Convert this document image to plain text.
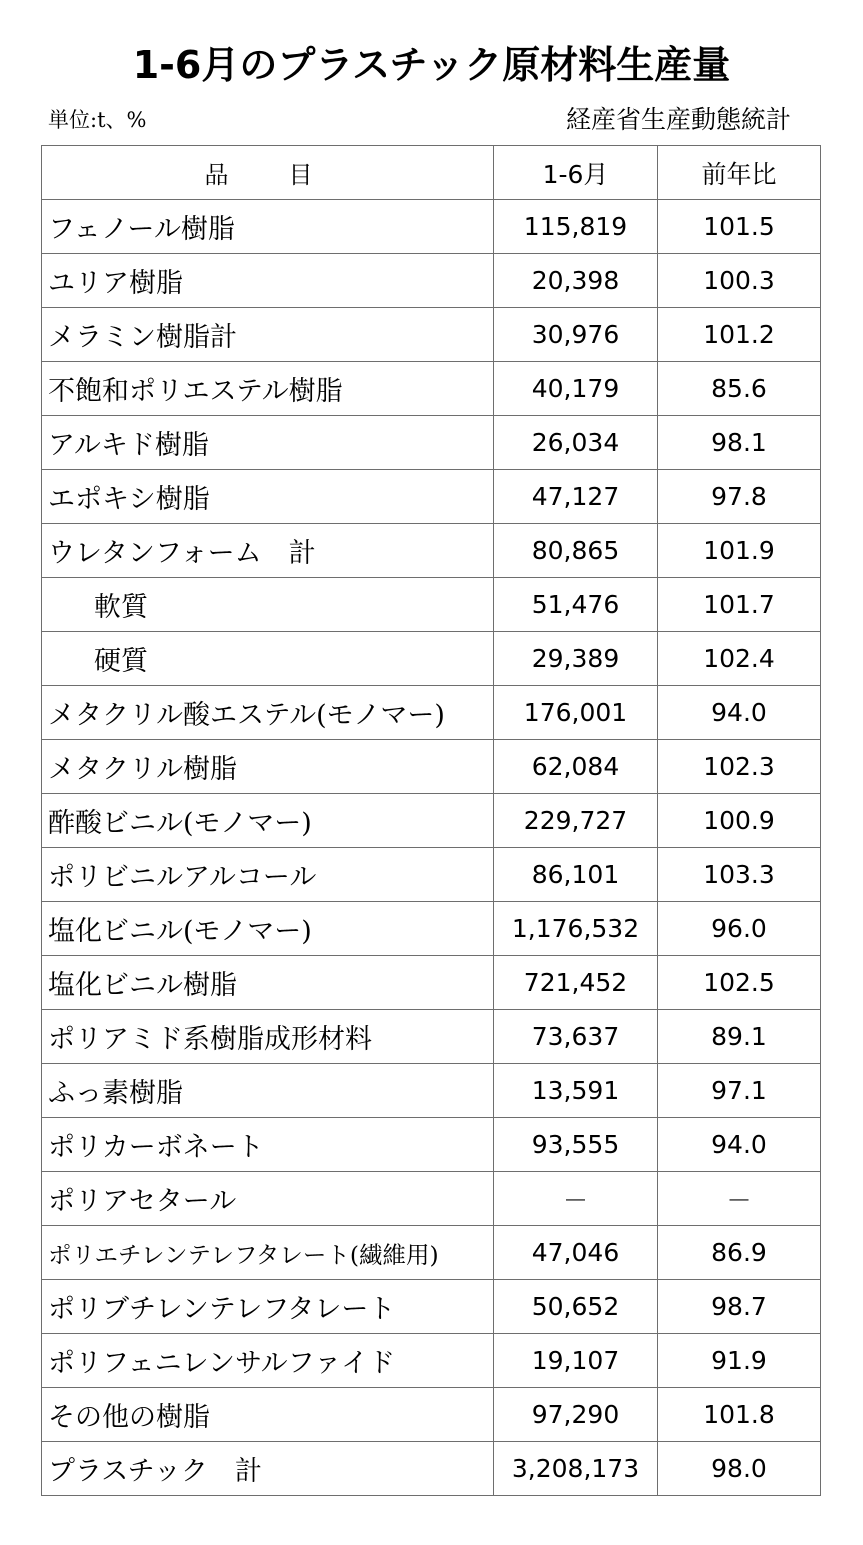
1-6月のプラスチック原材料生産量
単位:t、%	経産省生産動態統計
品　目	1-6月	前年比
フェノール樹脂	115,819	101.5
ユリア樹脂	20,398	100.3
メラミン樹脂計	30,976	101.2
不飽和ポリエステル樹脂	40,179	85.6
アルキド樹脂	26,034	98.1
エポキシ樹脂	47,127	97.8
ウレタンフォーム　計	80,865	101.9
軟質	51,476	101.7
硬質	29,389	102.4
メタクリル酸エステル(モノマー)	176,001	94.0
メタクリル樹脂	62,084	102.3
酢酸ビニル(モノマー)	229,727	100.9
ポリビニルアルコール	86,101	103.3
塩化ビニル(モノマー)	1,176,532	96.0
塩化ビニル樹脂	721,452	102.5
ポリアミド系樹脂成形材料	73,637	89.1
ふっ素樹脂	13,591	97.1
ポリカーボネート	93,555	94.0
ポリアセタール	－	－
ポリエチレンテレフタレート(繊維用)	47,046	86.9
ポリブチレンテレフタレート	50,652	98.7
ポリフェニレンサルファイド	19,107	91.9
その他の樹脂	97,290	101.8
プラスチック　計	3,208,173	98.0
